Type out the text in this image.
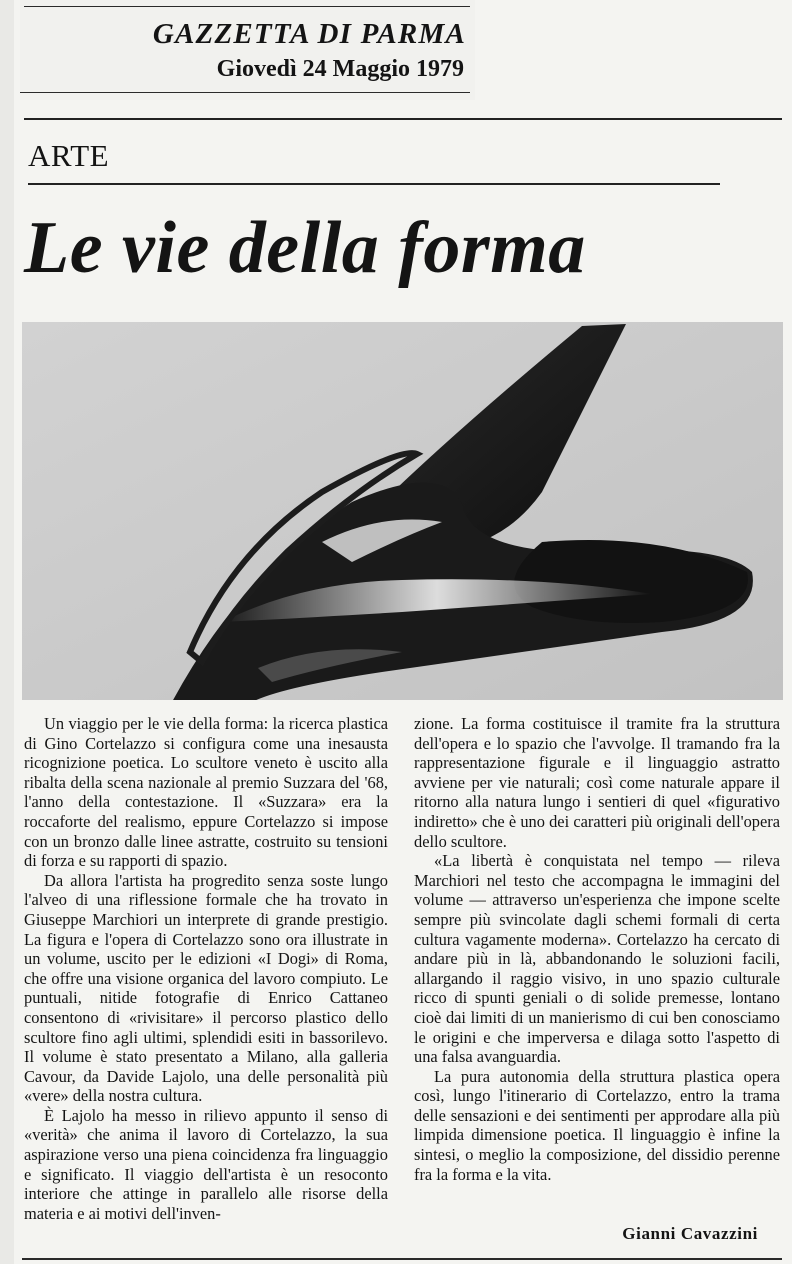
GAZZETTA DI PARMA
Giovedì 24 Maggio 1979
ARTE
Le vie della forma

Un viaggio per le vie della forma: la ricerca plastica di Gino Cortelazzo si configura come una inesausta ricognizione poetica. Lo scultore veneto è uscito alla ribalta della scena nazionale al premio Suzzara del '68, l'anno della contestazione. Il «Suzzara» era la roccaforte del realismo, eppure Cortelazzo si impose con un bronzo dalle linee astratte, costruito su tensioni di forza e su rapporti di spazio.

Da allora l'artista ha progredito senza soste lungo l'alveo di una riflessione formale che ha trovato in Giuseppe Marchiori un interprete di grande prestigio. La figura e l'opera di Cortelazzo sono ora illustrate in un volume, uscito per le edizioni «I Dogi» di Roma, che offre una visione organica del lavoro compiuto. Le puntuali, nitide fotografie di Enrico Cattaneo consentono di «rivisitare» il percorso plastico dello scultore fino agli ultimi, splendidi esiti in bassorilevo. Il volume è stato presentato a Milano, alla galleria Cavour, da Davide Lajolo, una delle personalità più «vere» della nostra cultura.

È Lajolo ha messo in rilievo appunto il senso di «verità» che anima il lavoro di Cortelazzo, la sua aspirazione verso una piena coincidenza fra linguaggio e significato. Il viaggio dell'artista è un resoconto interiore che attinge in parallelo alle risorse della materia e ai motivi dell'inven-

zione. La forma costituisce il tramite fra la struttura dell'opera e lo spazio che l'avvolge. Il tramando fra la rappresentazione figurale e il linguaggio astratto avviene per vie naturali; così come naturale appare il ritorno alla natura lungo i sentieri di quel «figurativo indiretto» che è uno dei caratteri più originali dell'opera dello scultore.

«La libertà è conquistata nel tempo — rileva Marchiori nel testo che accompagna le immagini del volume — attraverso un'esperienza che impone scelte sempre più svincolate dagli schemi formali di certa cultura vagamente moderna». Cortelazzo ha cercato di andare più in là, abbandonando le soluzioni facili, allargando il raggio visivo, in uno spazio culturale ricco di spunti geniali o di solide premesse, lontano cioè dai limiti di un manierismo di cui ben conosciamo le origini e che imperversa e dilaga sotto l'aspetto di una falsa avanguardia.

La pura autonomia della struttura plastica opera così, lungo l'itinerario di Cortelazzo, entro la trama delle sensazioni e dei sentimenti per approdare alla più limpida dimensione poetica. Il linguaggio è infine la sintesi, o meglio la composizione, del dissidio perenne fra la forma e la vita.

Gianni Cavazzini
